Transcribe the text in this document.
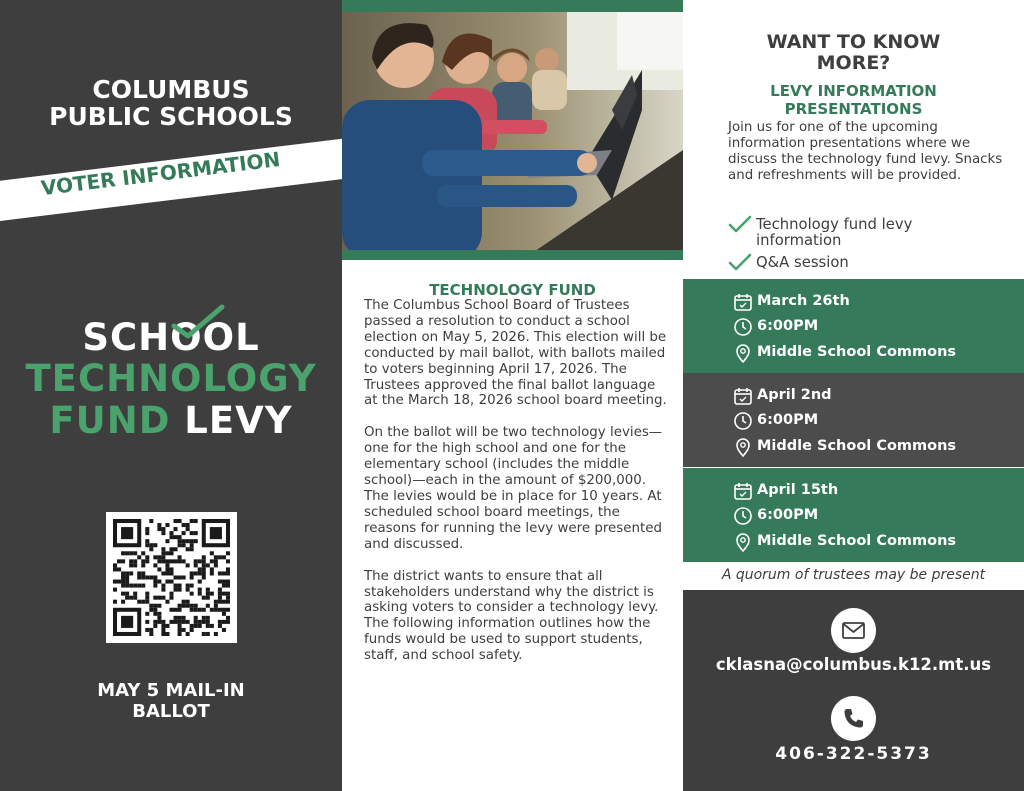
COLUMBUS
PUBLIC SCHOOLS
VOTER INFORMATION
SCHOOL
TECHNOLOGY
FUND LEVY
MAY 5 MAIL-IN
BALLOT
TECHNOLOGY FUND

The Columbus School Board of Trustees passed a resolution to conduct a school election on May 5, 2026. This election will be conducted by mail ballot, with ballots mailed to voters beginning April 17, 2026. The Trustees approved the final ballot language at the March 18, 2026 school board meeting.

On the ballot will be two technology levies—one for the high school and one for the elementary school (includes the middle school)—each in the amount of $200,000. The levies would be in place for 10 years. At scheduled school board meetings, the reasons for running the levy were presented and discussed.

The district wants to ensure that all stakeholders understand why the district is asking voters to consider a technology levy. The following information outlines how the funds would be used to support students, staff, and school safety.

WANT TO KNOW
MORE?
LEVY INFORMATION
PRESENTATIONS
Join us for one of the upcoming information presentations where we discuss the technology fund levy. Snacks and refreshments will be provided.
Technology fund levy information
Q&A session
March 26th
6:00PM
Middle School Commons
April 2nd
6:00PM
Middle School Commons
April 15th
6:00PM
Middle School Commons
A quorum of trustees may be present
cklasna@columbus.k12.mt.us
406-322-5373
